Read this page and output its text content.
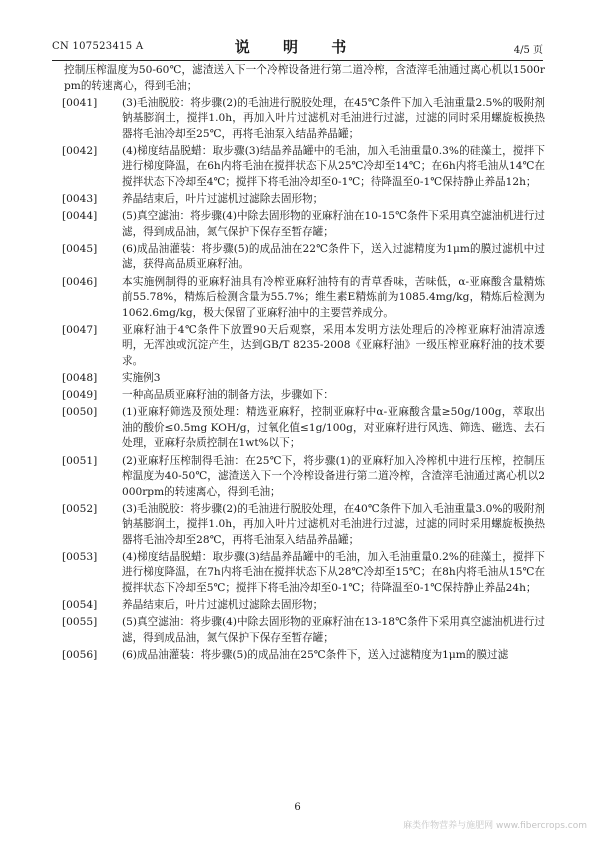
CN 107523415 A	说 明 书	4/5 页
控制压榨温度为50-60℃，滤渣送入下一个冷榨设备进行第二道冷榨，含渣滓毛油通过离心机以1500rpm的转速离心，得到毛油；
[0041] (3)毛油脱胶：将步骤(2)的毛油进行脱胶处理，在45℃条件下加入毛油重量2.5%的吸附剂钠基膨润土，搅拌1.0h，再加入叶片过滤机对毛油进行过滤，过滤的同时采用螺旋板换热器将毛油冷却至25℃，再将毛油泵入结晶养晶罐；
[0042] (4)梯度结晶脱蜡：取步骤(3)结晶养晶罐中的毛油，加入毛油重量0.3%的硅藻土，搅拌下进行梯度降温，在6h内将毛油在搅拌状态下从25℃冷却至14℃；在6h内将毛油从14℃在搅拌状态下冷却至4℃；搅拌下将毛油冷却至0-1℃；待降温至0-1℃保持静止养晶12h；
[0043] 养晶结束后，叶片过滤机过滤除去固形物；
[0044] (5)真空滤油：将步骤(4)中除去固形物的亚麻籽油在10-15℃条件下采用真空滤油机进行过滤，得到成品油，氮气保护下保存至暂存罐；
[0045] (6)成品油灌装：将步骤(5)的成品油在22℃条件下，送入过滤精度为1μm的膜过滤机中过滤，获得高品质亚麻籽油。
[0046] 本实施例制得的亚麻籽油具有冷榨亚麻籽油特有的青草香味，苦味低，α-亚麻酸含量精炼前55.78%，精炼后检测含量为55.7%；维生素E精炼前为1085.4mg/kg，精炼后检测为1062.6mg/kg，极大保留了亚麻籽油中的主要营养成分。
[0047] 亚麻籽油于4℃条件下放置90天后观察，采用本发明方法处理后的冷榨亚麻籽油清凉透明，无浑浊或沉淀产生，达到GB/T 8235-2008《亚麻籽油》一级压榨亚麻籽油的技术要求。
[0048] 实施例3
[0049] 一种高品质亚麻籽油的制备方法，步骤如下：
[0050] (1)亚麻籽筛选及预处理：精选亚麻籽，控制亚麻籽中α-亚麻酸含量≥50g/100g，萃取出油的酸价≤0.5mg KOH/g，过氧化值≤1g/100g，对亚麻籽进行风选、筛选、磁选、去石处理，亚麻籽杂质控制在1wt%以下；
[0051] (2)亚麻籽压榨制得毛油：在25℃下，将步骤(1)的亚麻籽加入冷榨机中进行压榨，控制压榨温度为40-50℃，滤渣送入下一个冷榨设备进行第二道冷榨，含渣滓毛油通过离心机以2000rpm的转速离心，得到毛油；
[0052] (3)毛油脱胶：将步骤(2)的毛油进行脱胶处理，在40℃条件下加入毛油重量3.0%的吸附剂钠基膨润土，搅拌1.0h，再加入叶片过滤机对毛油进行过滤，过滤的同时采用螺旋板换热器将毛油冷却至28℃，再将毛油泵入结晶养晶罐；
[0053] (4)梯度结晶脱蜡：取步骤(3)结晶养晶罐中的毛油，加入毛油重量0.2%的硅藻土，搅拌下进行梯度降温，在7h内将毛油在搅拌状态下从28℃冷却至15℃；在8h内将毛油从15℃在搅拌状态下冷却至5℃；搅拌下将毛油冷却至0-1℃；待降温至0-1℃保持静止养晶24h；
[0054] 养晶结束后，叶片过滤机过滤除去固形物；
[0055] (5)真空滤油：将步骤(4)中除去固形物的亚麻籽油在13-18℃条件下采用真空滤油机进行过滤，得到成品油，氮气保护下保存至暂存罐；
[0056] (6)成品油灌装：将步骤(5)的成品油在25℃条件下，送入过滤精度为1μm的膜过滤
6
麻类作物营养与施肥网 www.fibercrops.com
